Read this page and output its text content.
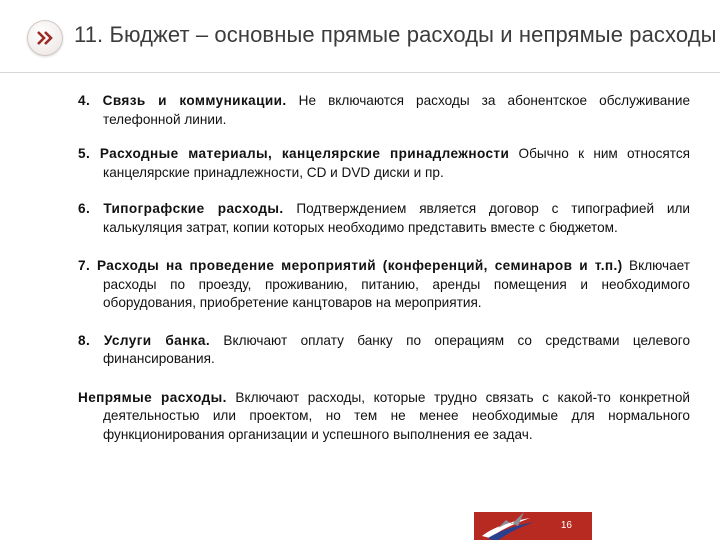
11. Бюджет – основные прямые расходы и непрямые расходы

4. Связь и коммуникации. Не включаются расходы за абонентское обслуживание телефонной линии.

5. Расходные материалы, канцелярские принадлежности Обычно к ним относятся канцелярские принадлежности, CD и DVD диски и пр.

6. Типографские расходы. Подтверждением является договор с типографией или калькуляция затрат, копии которых необходимо представить вместе с бюджетом.

7. Расходы на проведение мероприятий (конференций, семинаров и т.п.) Включает расходы по проезду, проживанию, питанию, аренды помещения и необходимого оборудования, приобретение канцтоваров на мероприятия.

8. Услуги банка. Включают оплату банку по операциям со средствами целевого финансирования.

Непрямые расходы. Включают расходы, которые трудно связать с какой-то конкретной деятельностью или проектом, но тем не менее необходимые для нормального функционирования организации и успешного выполнения ее задач.

16
